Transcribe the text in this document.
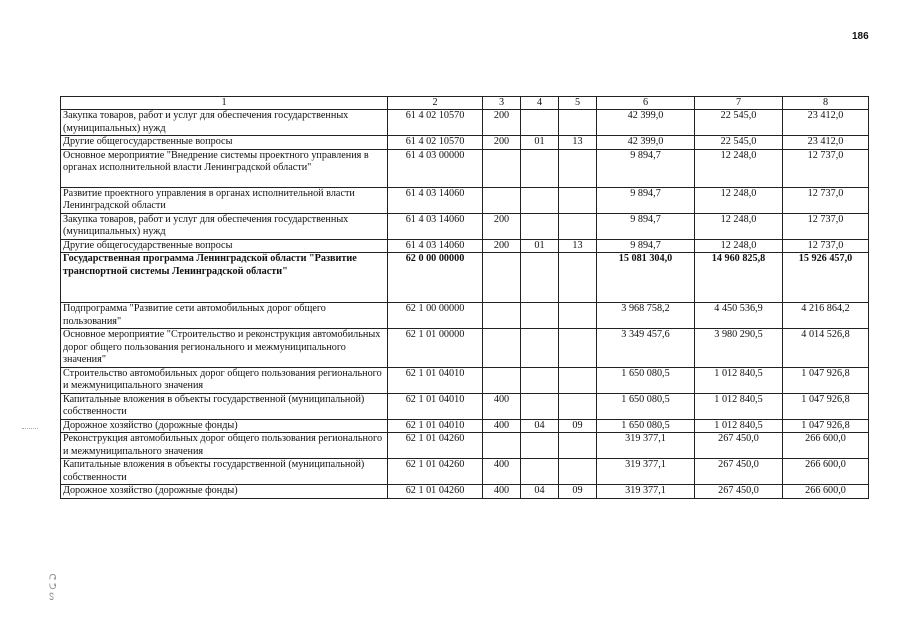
186
1	2	3	4	5	6	7	8
Закупка товаров, работ и услуг для обеспечения государственных (муниципальных) нужд	61 4 02 10570	200			42 399,0	22 545,0	23 412,0
Другие общегосударственные вопросы	61 4 02 10570	200	01	13	42 399,0	22 545,0	23 412,0
Основное мероприятие "Внедрение системы проектного управления в органах исполнительной власти Ленинградской области"	61 4 03 00000				9 894,7	12 248,0	12 737,0
Развитие проектного управления в органах исполнительной власти Ленинградской области	61 4 03 14060				9 894,7	12 248,0	12 737,0
Закупка товаров, работ и услуг для обеспечения государственных (муниципальных) нужд	61 4 03 14060	200			9 894,7	12 248,0	12 737,0
Другие общегосударственные вопросы	61 4 03 14060	200	01	13	9 894,7	12 248,0	12 737,0
Государственная программа Ленинградской области "Развитие транспортной системы Ленинградской области"	62 0 00 00000				15 081 304,0	14 960 825,8	15 926 457,0
Подпрограмма "Развитие сети автомобильных дорог общего пользования"	62 1 00 00000				3 968 758,2	4 450 536,9	4 216 864,2
Основное мероприятие "Строительство и реконструкция автомобильных дорог общего пользования регионального и межмуниципального значения"	62 1 01 00000				3 349 457,6	3 980 290,5	4 014 526,8
Строительство автомобильных дорог общего пользования регионального и межмуниципального значения	62 1 01 04010				1 650 080,5	1 012 840,5	1 047 926,8
Капитальные вложения в объекты государственной (муниципальной) собственности	62 1 01 04010	400			1 650 080,5	1 012 840,5	1 047 926,8
Дорожное хозяйство (дорожные фонды)	62 1 01 04010	400	04	09	1 650 080,5	1 012 840,5	1 047 926,8
Реконструкция автомобильных дорог общего пользования регионального и межмуниципального значения	62 1 01 04260				319 377,1	267 450,0	266 600,0
Капитальные вложения в объекты государственной (муниципальной) собственности	62 1 01 04260	400			319 377,1	267 450,0	266 600,0
Дорожное хозяйство (дорожные фонды)	62 1 01 04260	400	04	09	319 377,1	267 450,0	266 600,0
ᕦ ᕤ ᔕ
